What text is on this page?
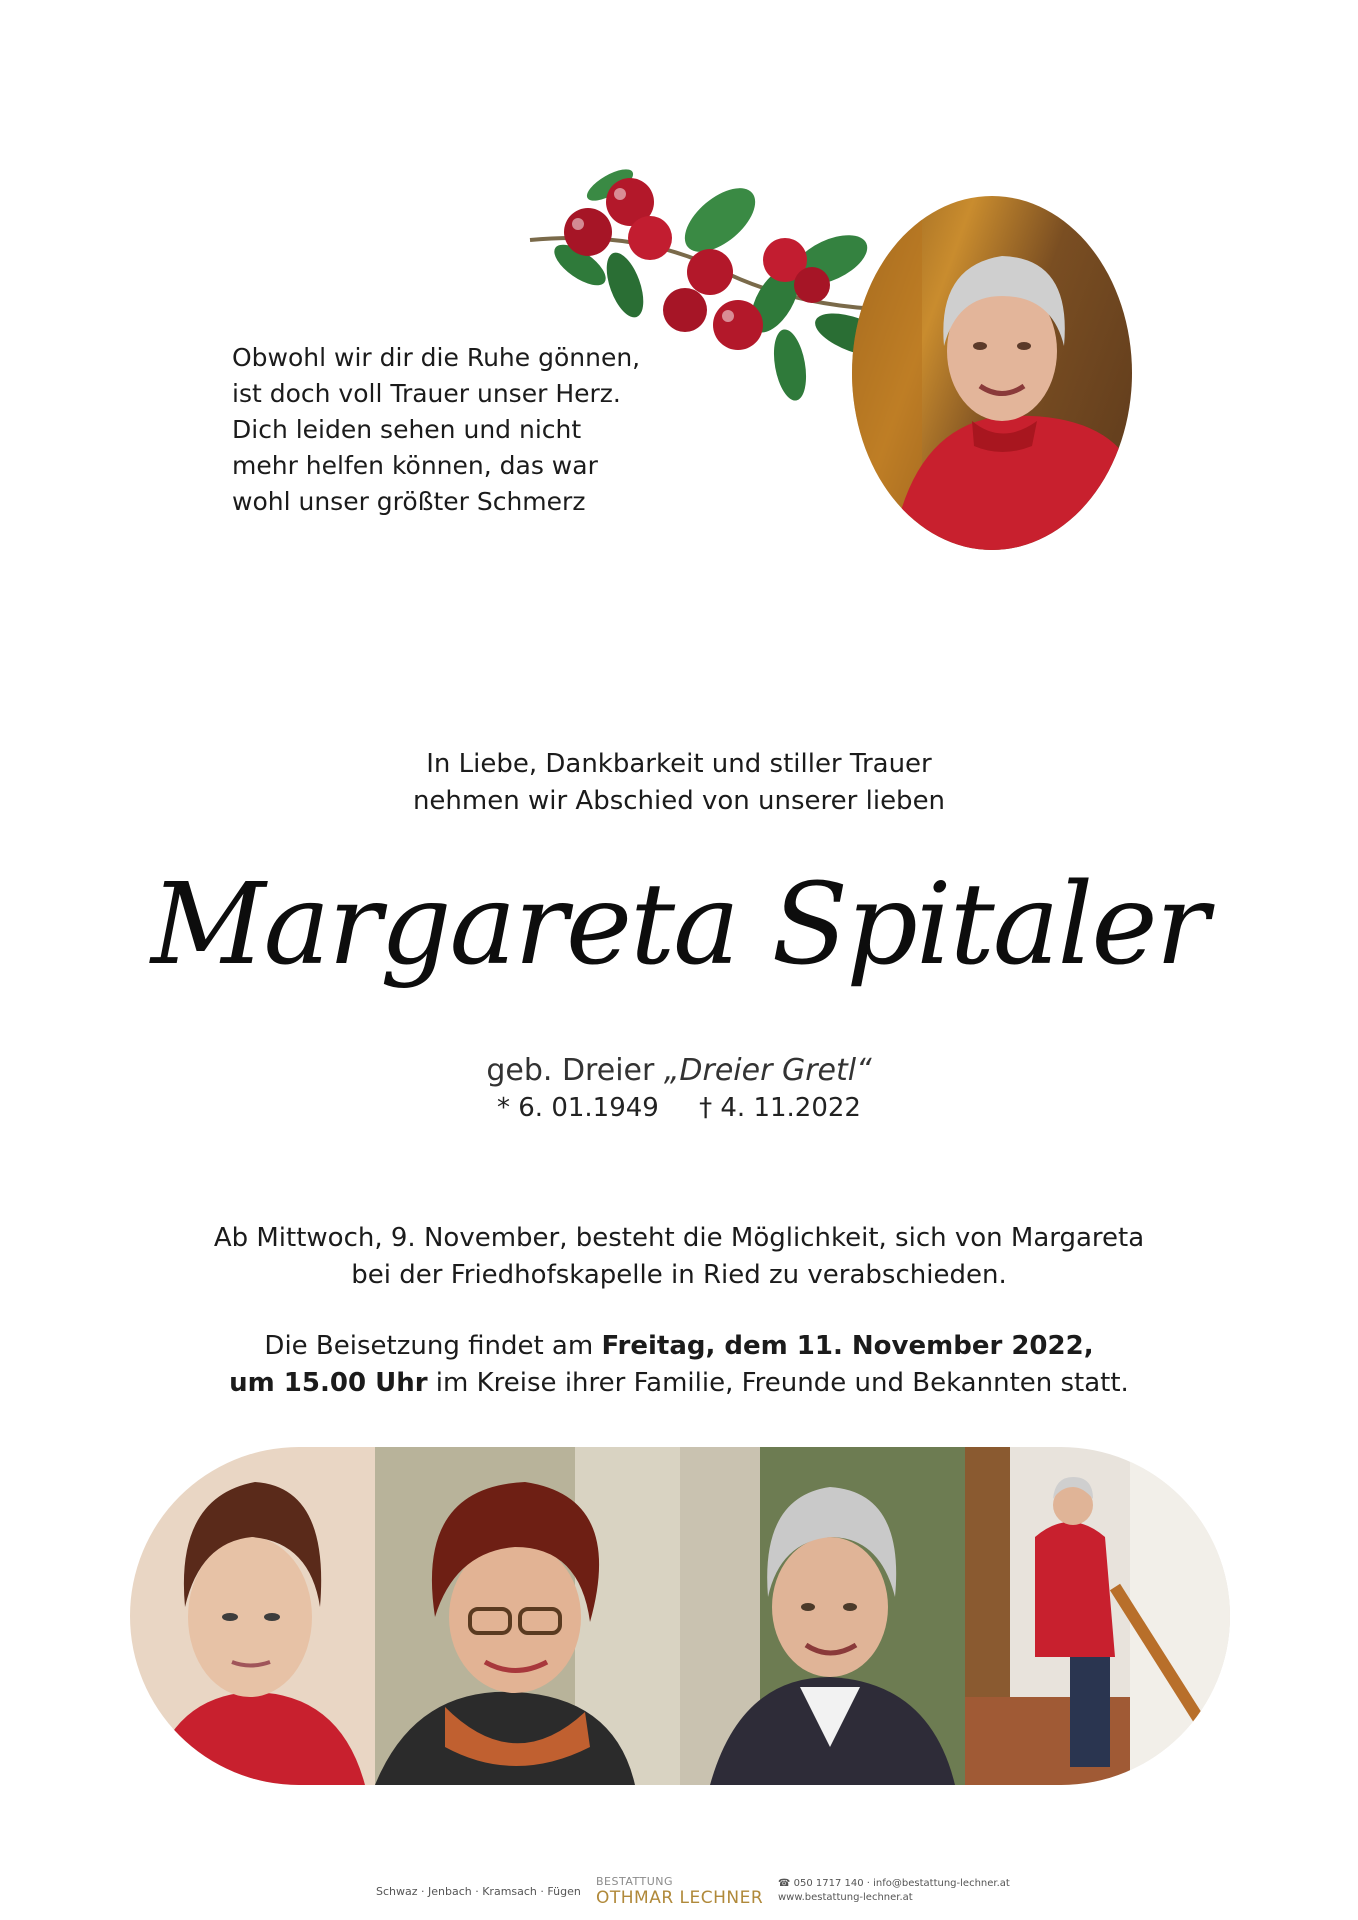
Obwohl wir dir die Ruhe gönnen,
ist doch voll Trauer unser Herz.
Dich leiden sehen und nicht
mehr helfen können, das war
wohl unser größter Schmerz
In Liebe, Dankbarkeit und stiller Trauer
nehmen wir Abschied von unserer lieben
Margareta Spitaler
geb. Dreier „Dreier Gretl“
* 6. 01.1949 † 4. 11.2022
Ab Mittwoch, 9. November, besteht die Möglichkeit, sich von Margareta
bei der Friedhofskapelle in Ried zu verabschieden.
Die Beisetzung findet am Freitag, dem 11. November 2022,
um 15.00 Uhr im Kreise ihrer Familie, Freunde und Bekannten statt.
Schwaz · Jenbach · Kramsach · Fügen
BESTATTUNG
OTHMAR LECHNER
☎ 050 1717 140 · info@bestattung-lechner.at
www.bestattung-lechner.at
